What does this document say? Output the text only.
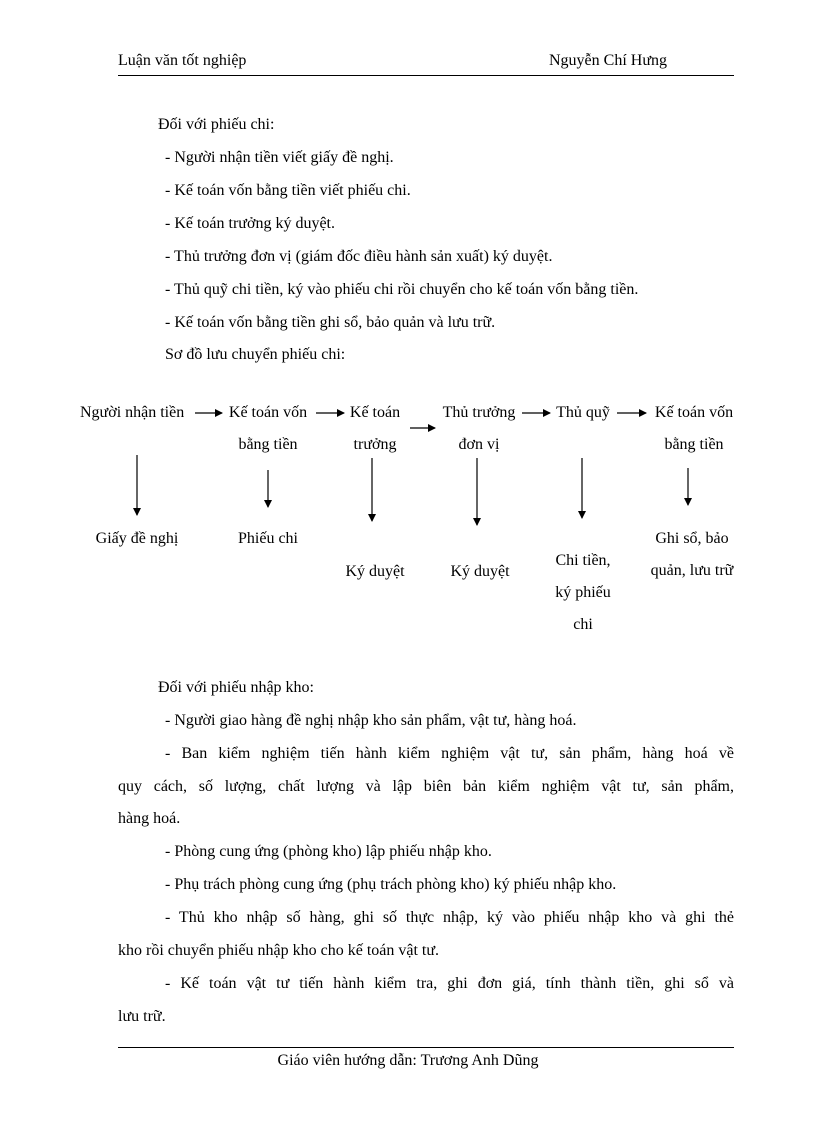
Luận văn tốt nghiệp	Nguyễn Chí Hưng
Đối với phiếu chi:
- Người nhận tiền viết giấy đề nghị.
- Kế toán vốn bằng tiền viết phiếu chi.
- Kế toán trưởng ký duyệt.
- Thủ trưởng đơn vị (giám đốc điều hành sản xuất) ký duyệt.
- Thủ quỹ chi tiền, ký vào phiếu chi rồi chuyển cho kế toán vốn bằng tiền.
- Kế toán vốn bằng tiền ghi sổ, bảo quản và lưu trữ.
Sơ đồ lưu chuyển phiếu chi:
Người nhận tiền	Kế toán vốn
bằng tiền
Kế toán
trưởng
Thủ trưởng
đơn vị
Thủ quỹ	Kế toán vốn
bằng tiền
Giấy đề nghị	Phiếu chi
Ký duyệt	Ký duyệt
Chi tiền,
ký phiếu
chi
Ghi sổ, bảo
quản, lưu trữ
Đối với phiếu nhập kho:
- Người giao hàng đề nghị nhập kho sản phẩm, vật tư, hàng hoá.
- Ban kiểm nghiệm tiến hành kiểm nghiệm vật tư, sản phẩm, hàng hoá về
quy cách, số lượng, chất lượng và lập biên bản kiểm nghiệm vật tư, sản phẩm,
hàng hoá.
- Phòng cung ứng (phòng kho) lập phiếu nhập kho.
- Phụ trách phòng cung ứng (phụ trách phòng kho) ký phiếu nhập kho.
- Thủ kho nhập số hàng, ghi số thực nhập, ký vào phiếu nhập kho và ghi thẻ
kho rồi chuyển phiếu nhập kho cho kế toán vật tư.
- Kế toán vật tư tiến hành kiểm tra, ghi đơn giá, tính thành tiền, ghi sổ và
lưu trữ.
Giáo viên hướng dẫn: Trương Anh Dũng
